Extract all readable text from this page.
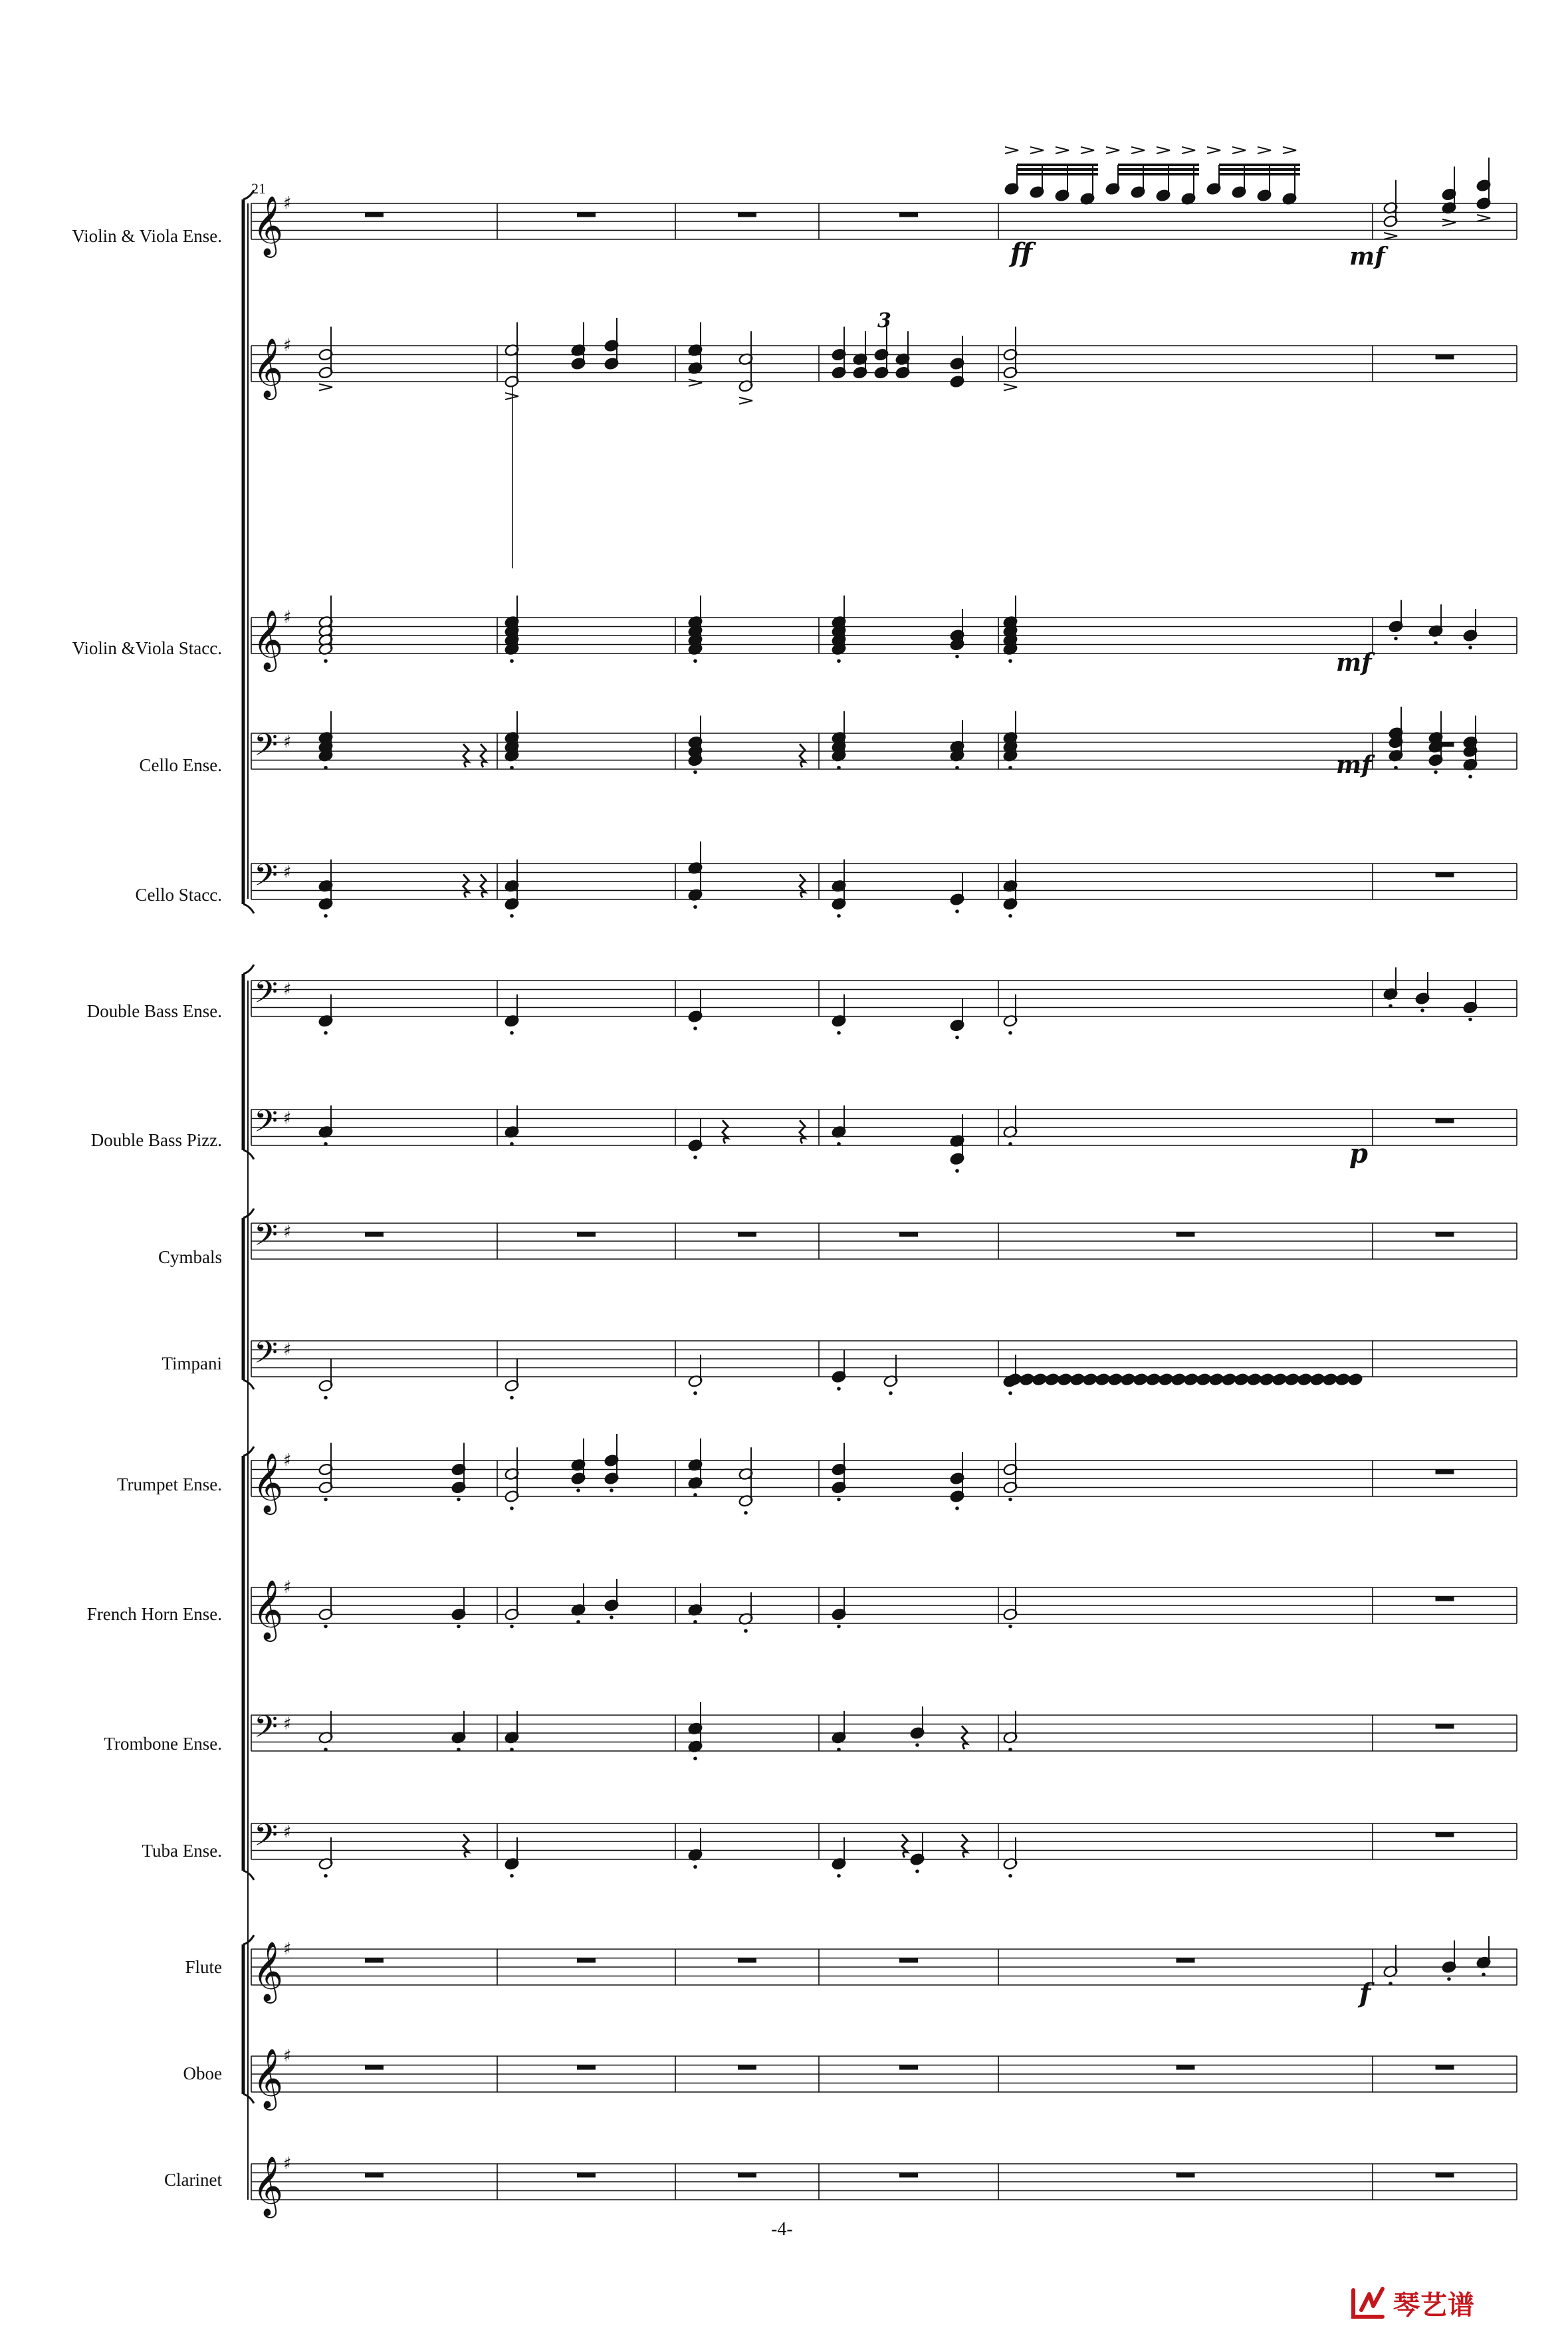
Violin & Viola Ense.
Violin &Viola Stacc.
Cello Ense.
Cello Stacc.
Double Bass Ense.
Double Bass Pizz.
Cymbals
Timpani
Trumpet Ense.
French Horn Ense.
Trombone Ense.
Tuba Ense.
Flute
Oboe
Clarinet
21
𝄞 ♯
𝄞 ♯
𝄞 ♯
𝄢 ♯
𝄢 ♯
𝄢 ♯
𝄢 ♯
𝄢 ♯
𝄢 ♯
𝄞 ♯
𝄞 ♯
𝄢 ♯
𝄢 ♯
𝄞 ♯
𝄞 ♯
𝄞 ♯
ff	mf
3
mf
mf
p
f
-4-
琴艺谱
